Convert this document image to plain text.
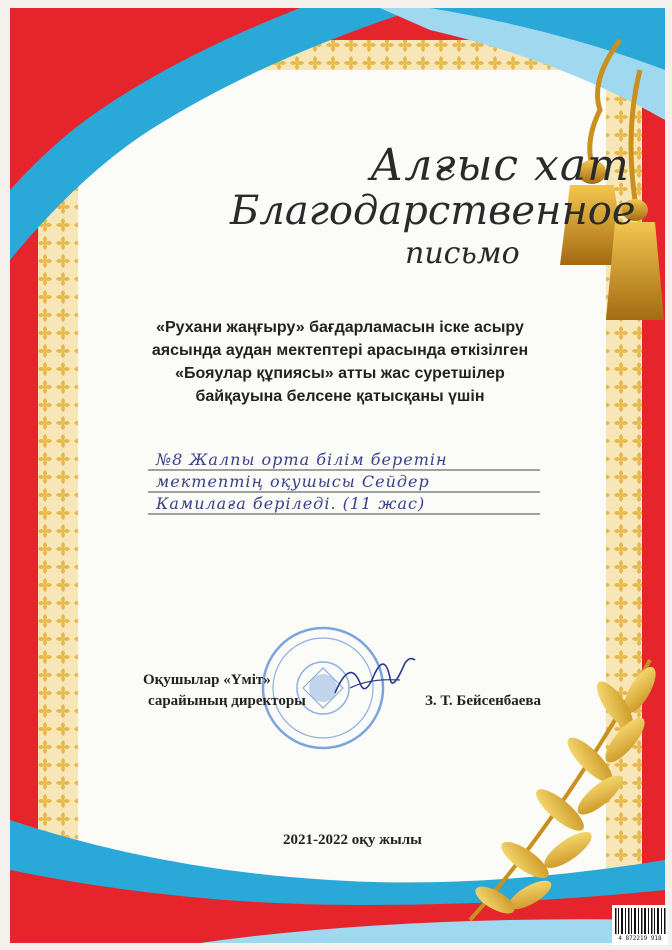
Алғыс хат
Благодарственное
письмо
«Рухани жаңғыру» бағдарламасын іске асыру
аясында аудан мектептері арасында өткізілген
«Бояулар құпиясы» атты жас суретшілер
байқауына белсене қатысқаны үшін
№8 Жалпы орта білім беретін
мектептің оқушысы Сейдер
Камилаға беріледі. (11 жас)
Оқушылар «Үміт»
сарайының директоры	З. Т. Бейсенбаева
2021-2022 оқу жылы
4 872219 918
